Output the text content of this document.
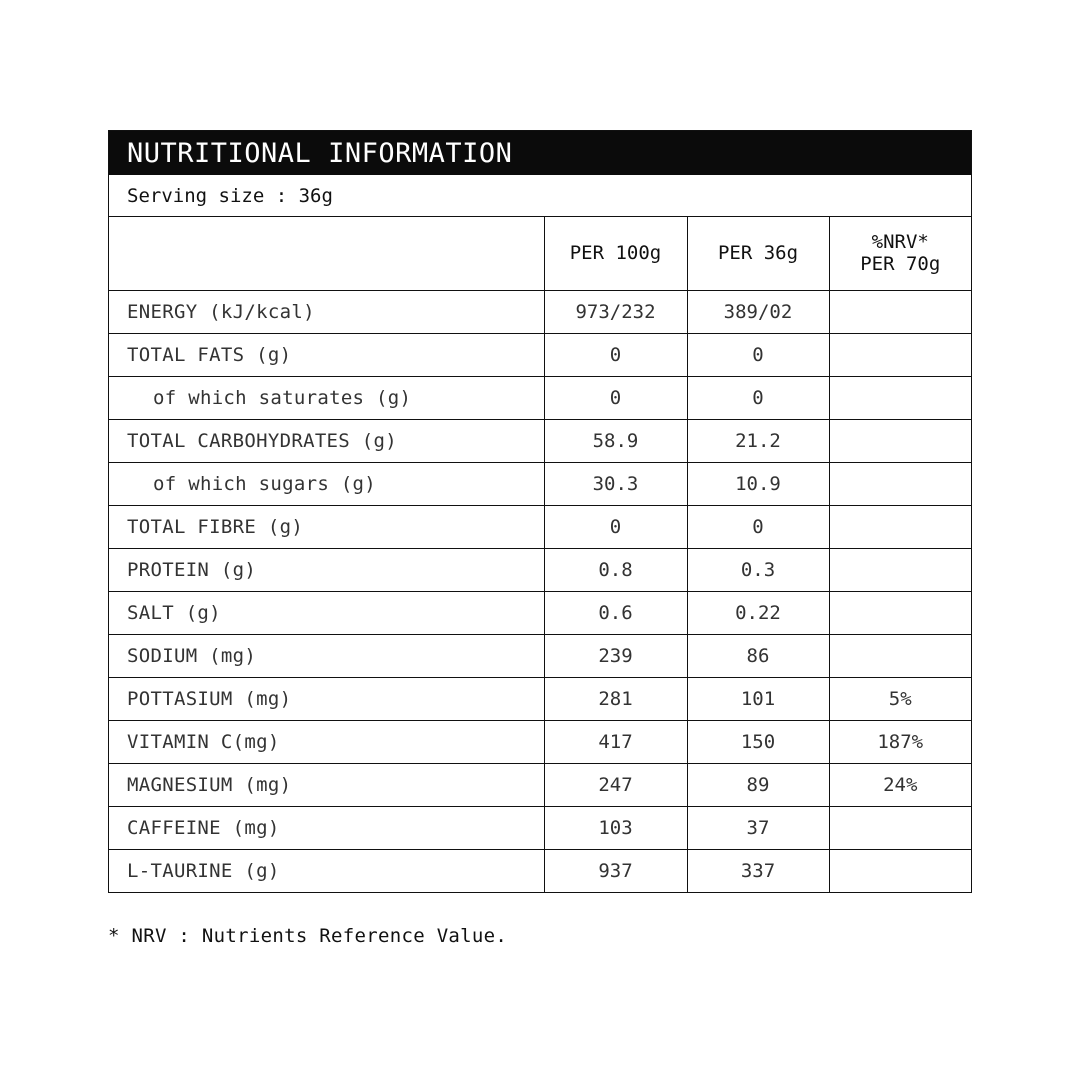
NUTRITIONAL INFORMATION
Serving size : 36g
	PER 100g	PER 36g	%NRV*
PER 70g

ENERGY (kJ/kcal)	973/232	389/02	
TOTAL FATS (g)	0	0	
of which saturates (g)	0	0	
TOTAL CARBOHYDRATES (g)	58.9	21.2	
of which sugars (g)	30.3	10.9	
TOTAL FIBRE (g)	0	0	
PROTEIN (g)	0.8	0.3	
SALT (g)	0.6	0.22	
SODIUM (mg)	239	86	
POTTASIUM (mg)	281	101	5%
VITAMIN C(mg)	417	150	187%
MAGNESIUM (mg)	247	89	24%
CAFFEINE (mg)	103	37	
L-TAURINE (g)	937	337	
* NRV : Nutrients Reference Value.
